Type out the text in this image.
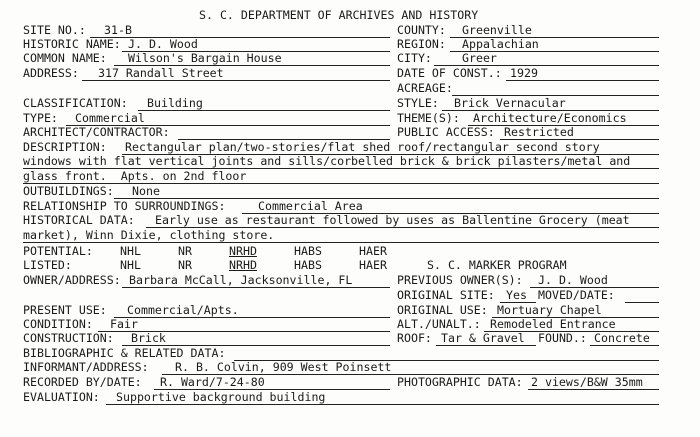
S. C. DEPARTMENT OF ARCHIVES AND HISTORY
SITE NO.: 31-B	COUNTY: Greenville
HISTORIC NAME: J. D. Wood	REGION: Appalachian
COMMON NAME: Wilson's Bargain House	CITY:	Greer
ADDRESS: 317 Randall Street	DATE OF CONST.: 1929
ACREAGE:
CLASSIFICATION: Building	STYLE: Brick Vernacular
TYPE: Commercial	THEME(S): Architecture/Economics
ARCHITECT/CONTRACTOR:	PUBLIC ACCESS: Restricted
DESCRIPTION: Rectangular plan/two-stories/flat shed roof/rectangular second story
windows with flat vertical joints and sills/corbelled brick & brick pilasters/metal and
glass front.  Apts. on 2nd floor
OUTBUILDINGS: None
RELATIONSHIP TO SURROUNDINGS:	Commercial Area
HISTORICAL DATA: Early use as restaurant followed by uses as Ballentine Grocery (meat
market), Winn Dixie, clothing store.
POTENTIAL: NHL	NR	NRHD	HABS	HAER
LISTED:	NHL	NR	NRHD	HABS	HAER	S. C. MARKER PROGRAM
OWNER/ADDRESS: Barbara McCall, Jacksonville, FL	PREVIOUS OWNER(S): J. D. Wood
ORIGINAL SITE: Yes MOVED/DATE:
PRESENT USE: Commercial/Apts.	ORIGINAL USE: Mortuary Chapel
CONDITION: Fair	ALT./UNALT.: Remodeled Entrance
CONSTRUCTION: Brick	ROOF: Tar & Gravel FOUND.: Concrete
BIBLIOGRAPHIC & RELATED DATA:
INFORMANT/ADDRESS: R. B. Colvin, 909 West Poinsett
RECORDED BY/DATE: R. Ward/7-24-80	PHOTOGRAPHIC DATA: 2 views/B&W 35mm
EVALUATION: Supportive background building
